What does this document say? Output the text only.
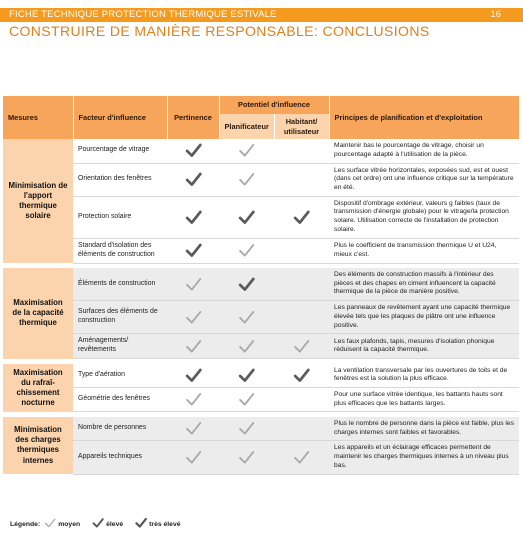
FICHE TECHNIQUE PROTECTION THERMIQUE ESTIVALE	16
CONSTRUIRE DE MANIÈRE RESPONSABLE: CONCLUSIONS
Mesures	Facteur d'influence	Pertinence	Potentiel d'influence		Principes de planification et d'exploitation
			Planificateur	Habitant/ utilisateur	
Minimisation de l'apport thermique solaire	Pourcentage de vitrage				Maintenir bas le pourcentage de vitrage, choisir un pourcentage adapté à l'utilisation de la pièce.
	Orientation des fenêtres				Les surface vitrée horizontales, exposées sud, est et ouest (dans cet ordre) ont une influence critique sur la température en été.
	Protection solaire				Dispositif d'ombrage extérieur, valeurs g faibles (taux de transmission d'énergie globale) pour le vitrage/la protection solaire. Utilisation correcte de l'installation de protection solaire.
	Standard d'isolation des éléments de construction				Plus le coefficient de transmission thermique U et U24, mieux c'est.

Maximisation de la capacité thermique	Éléments de construction				Des éléments de construction massifs à l'intérieur des pièces et des chapes en ciment influencent la capacité thermique de la pièce de manière positive.
	Surfaces des éléments de construction				Les panneaux de revêtement ayant une capacité thermique élevée tels que les plaques de plâtre ont une influence positive.
	Aménagements/ revêtements				Les faux plafonds, tapis, mesures d'isolation phonique réduisent la capacité thermique.

Maximisation du rafraî- chissement nocturne	Type d'aération				La ventilation transversale par les ouvertures de toits et de fenêtres est la solution la plus efficace.
	Géométrie des fenêtres				Pour une surface vitrée identique, les battants hauts sont plus efficaces que les battants larges.

Minimisation des charges thermiques internes	Nombre de personnes				Plus le nombre de personne dans la pièce est faible, plus les charges internes sont faibles et favorables.
	Appareils techniques				Les appareils et un éclairage efficaces permettent de maintenir les charges thermiques internes à un niveau plus bas.
Légende:	moyen	élevé	très élevé
